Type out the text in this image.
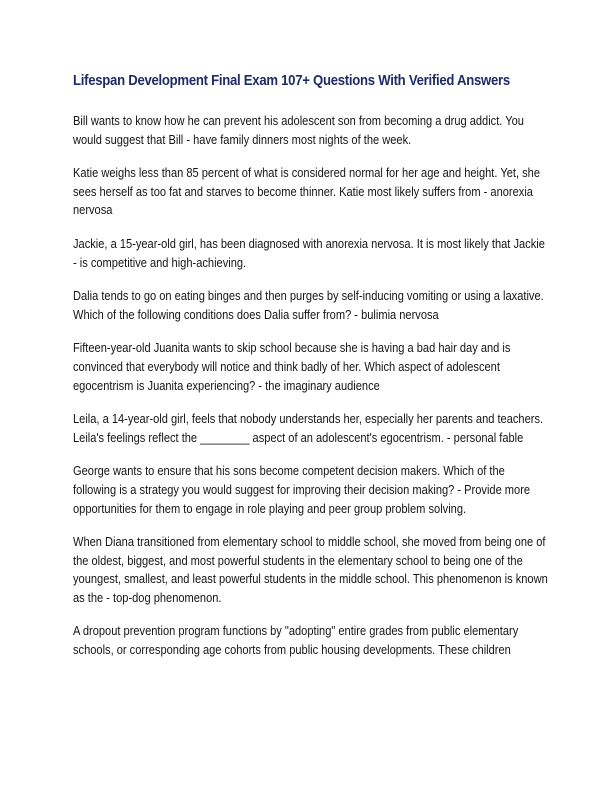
Lifespan Development Final Exam 107+ Questions With Verified Answers

Bill wants to know how he can prevent his adolescent son from becoming a drug addict. You would suggest that Bill - have family dinners most nights of the week.

Katie weighs less than 85 percent of what is considered normal for her age and height. Yet, she sees herself as too fat and starves to become thinner. Katie most likely suffers from - anorexia nervosa

Jackie, a 15-year-old girl, has been diagnosed with anorexia nervosa. It is most likely that Jackie - is competitive and high-achieving.

Dalia tends to go on eating binges and then purges by self-inducing vomiting or using a laxative. Which of the following conditions does Dalia suffer from? - bulimia nervosa

Fifteen-year-old Juanita wants to skip school because she is having a bad hair day and is convinced that everybody will notice and think badly of her. Which aspect of adolescent egocentrism is Juanita experiencing? - the imaginary audience

Leila, a 14-year-old girl, feels that nobody understands her, especially her parents and teachers. Leila's feelings reflect the ________ aspect of an adolescent's egocentrism. - personal fable

George wants to ensure that his sons become competent decision makers. Which of the following is a strategy you would suggest for improving their decision making? - Provide more opportunities for them to engage in role playing and peer group problem solving.

When Diana transitioned from elementary school to middle school, she moved from being one of the oldest, biggest, and most powerful students in the elementary school to being one of the youngest, smallest, and least powerful students in the middle school. This phenomenon is known as the - top-dog phenomenon.

A dropout prevention program functions by "adopting" entire grades from public elementary schools, or corresponding age cohorts from public housing developments. These children
